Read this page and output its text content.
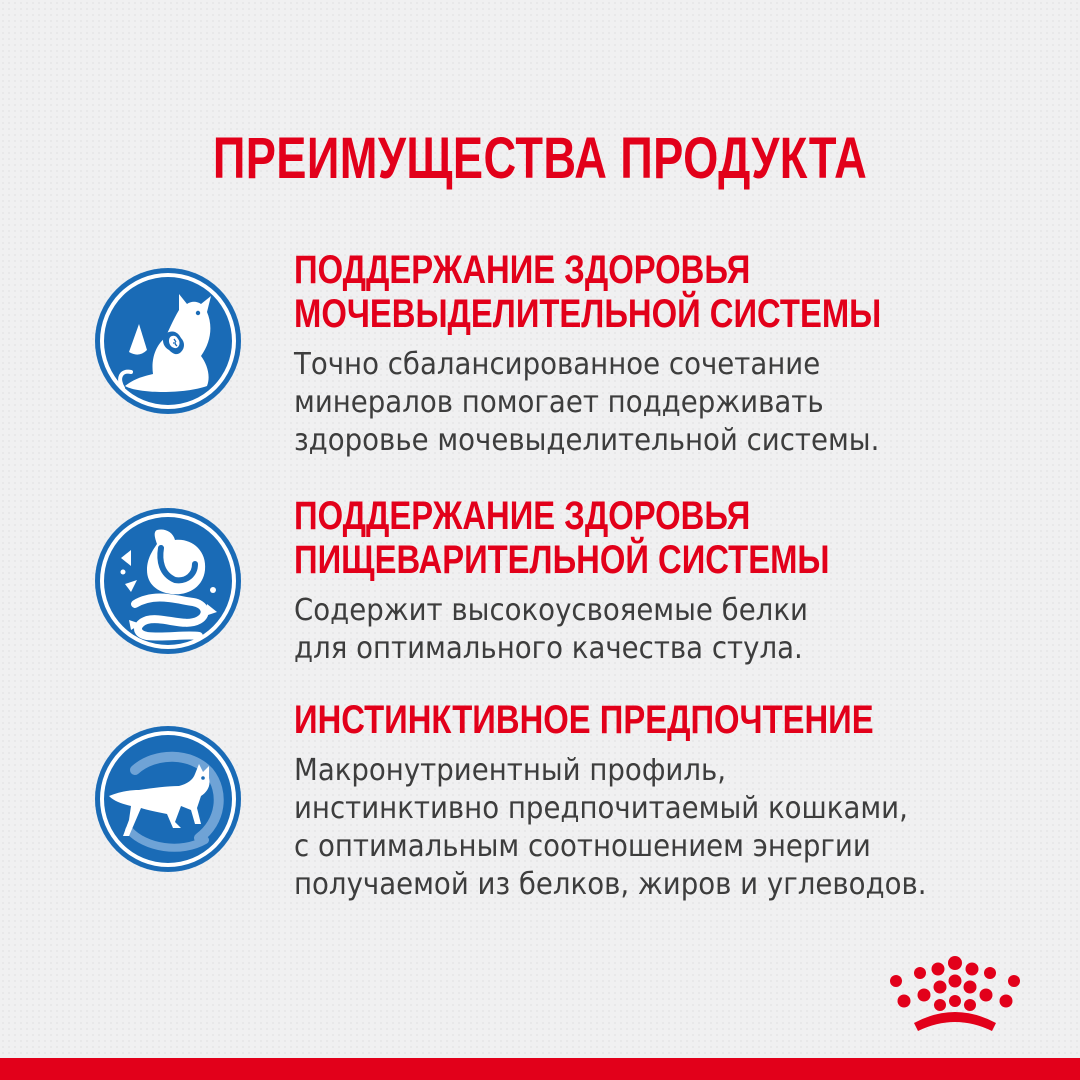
ПРЕИМУЩЕСТВА ПРОДУКТА
ПОДДЕРЖАНИЕ ЗДОРОВЬЯ
МОЧЕВЫДЕЛИТЕЛЬНОЙ СИСТЕМЫ

Точно сбалансированное сочетание
минералов помогает поддерживать
здоровье мочевыделительной системы.

ПОДДЕРЖАНИЕ ЗДОРОВЬЯ
ПИЩЕВАРИТЕЛЬНОЙ СИСТЕМЫ

Содержит высокоусвояемые белки
для оптимального качества стула.

ИНСТИНКТИВНОЕ ПРЕДПОЧТЕНИЕ

Макронутриентный профиль,
инстинктивно предпочитаемый кошками,
с оптимальным соотношением энергии
получаемой из белков, жиров и углеводов.
